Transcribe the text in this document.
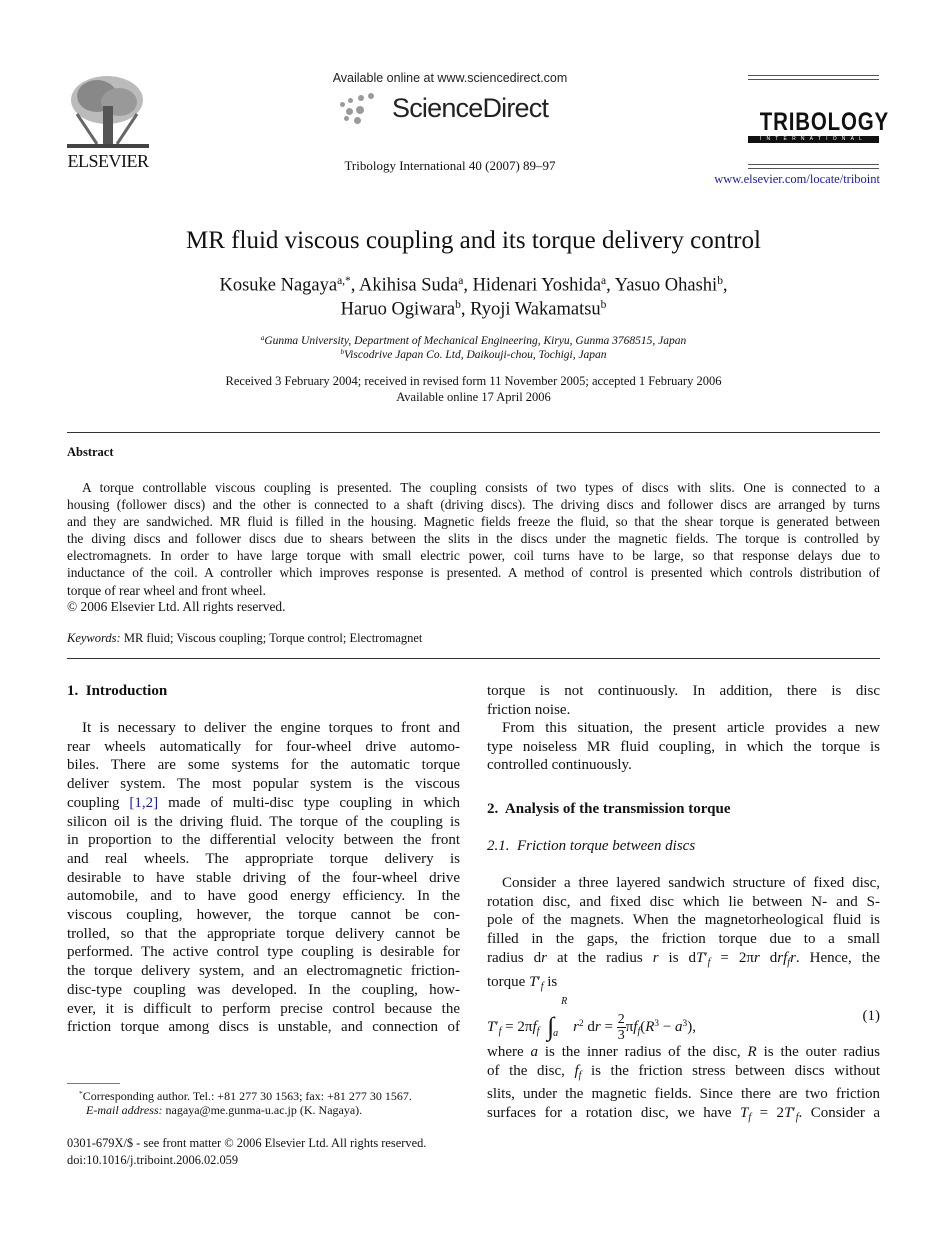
ELSEVIER
Available online at www.sciencedirect.com
ScienceDirect
Tribology International 40 (2007) 89–97
TRIBOLOGY
INTERNATIONAL
www.elsevier.com/locate/triboint
MR fluid viscous coupling and its torque delivery control
Kosuke Nagaya$^{a,*}$, Akihisa Suda$^a$, Hidenari Yoshida$^a$, Yasuo Ohashi$^b$,
Haruo Ogiwara$^b$, Ryoji Wakamatsu$^b$
$^a$Gunma University, Department of Mechanical Engineering, Kiryu, Gunma 3768515, Japan
$^b$Viscodrive Japan Co. Ltd, Daikouji-chou, Tochigi, Japan
Received 3 February 2004; received in revised form 11 November 2005; accepted 1 February 2006
Available online 17 April 2006
Abstract
A torque controllable viscous coupling is presented. The coupling consists of two types of discs with slits. One is connected to a
housing (follower discs) and the other is connected to a shaft (driving discs). The driving discs and follower discs are arranged by turns
and they are sandwiched. MR fluid is filled in the housing. Magnetic fields freeze the fluid, so that the shear torque is generated between
the diving discs and follower discs due to shears between the slits in the discs under the magnetic fields. The torque is controlled by
electromagnets. In order to have large torque with small electric power, coil turns have to be large, so that response delays due to
inductance of the coil. A controller which improves response is presented. A method of control is presented which controls distribution of
torque of rear wheel and front wheel.
© 2006 Elsevier Ltd. All rights reserved.
Keywords: MR fluid; Viscous coupling; Torque control; Electromagnet
1.  Introduction
It is necessary to deliver the engine torques to front and
rear wheels automatically for four-wheel drive automo-
biles. There are some systems for the automatic torque
deliver system. The most popular system is the viscous
coupling [1,2] made of multi-disc type coupling in which
silicon oil is the driving fluid. The torque of the coupling is
in proportion to the differential velocity between the front
and real wheels. The appropriate torque delivery is
desirable to have stable driving of the four-wheel drive
automobile, and to have good energy efficiency. In the
viscous coupling, however, the torque cannot be con-
trolled, so that the appropriate torque delivery cannot be
performed. The active control type coupling is desirable for
the torque delivery system, and an electromagnetic friction-
disc-type coupling was developed. In the coupling, how-
ever, it is difficult to perform precise control because the
friction torque among discs is unstable, and connection of
*Corresponding author. Tel.: +81 277 30 1563; fax: +81 277 30 1567.
E-mail address: nagaya@me.gunma-u.ac.jp (K. Nagaya).
0301-679X/$ - see front matter © 2006 Elsevier Ltd. All rights reserved.
doi:10.1016/j.triboint.2006.02.059
torque is not continuously. In addition, there is disc
friction noise.
From this situation, the present article provides a new
type noiseless MR fluid coupling, in which the torque is
controlled continuously.
2.  Analysis of the transmission torque
2.1.  Friction torque between discs
Consider a three layered sandwich structure of fixed disc,
rotation disc, and fixed disc which lie between N- and S-
pole of the magnets. When the magnetorheological fluid is
filled in the gaps, the friction torque due to a small
radius dr at the radius r is $dT'_f = 2\pi r$ drf$_f$r. Hence, the
torque $T'_f$ is
$T'_f = 2\pi f_f$ ∫
R
a $r^2$ dr = $\frac{2}{3} \pi f_f(R^3 - a^3)$,
(1)
where a is the inner radius of the disc, R is the outer radius
of the disc, $f_f$ is the friction stress between discs without
slits, under the magnetic fields. Since there are two friction
surfaces for a rotation disc, we have $T_f = 2T'_f$. Consider a
